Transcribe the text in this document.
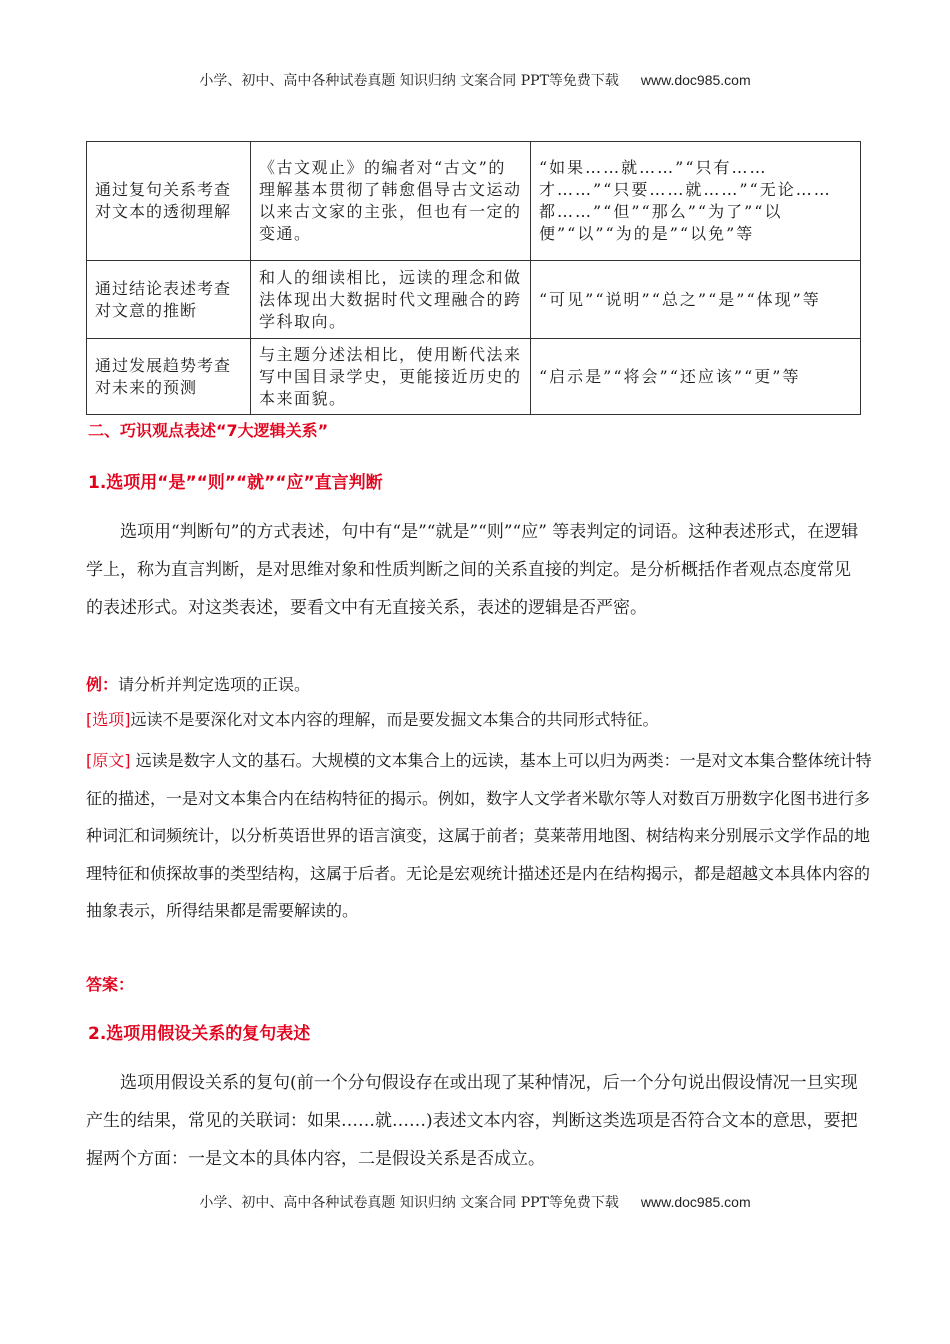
小学、初中、高中各种试卷真题 知识归纳 文案合同 PPT等免费下载 www.doc985.com
通过复句关系考查对文本的透彻理解	《古文观止》的编者对“古文”的理解基本贯彻了韩愈倡导古文运动以来古文家的主张，但也有一定的变通。	“如果……就……”“只有……才……”“只要……就……”“无论……都……”“但”“那么”“为了”“以便”“以”“为的是”“以免”等
通过结论表述考查对文意的推断	和人的细读相比，远读的理念和做法体现出大数据时代文理融合的跨学科取向。	“可见”“说明”“总之”“是”“体现”等
通过发展趋势考查对未来的预测	与主题分述法相比，使用断代法来写中国目录学史，更能接近历史的本来面貌。	“启示是”“将会”“还应该”“更”等
二、巧识观点表述“7大逻辑关系”
1.选项用“是”“则”“就”“应”直言判断

选项用“判断句”的方式表述，句中有“是”“就是”“则”“应” 等表判定的词语。这种表述形式，在逻辑学上，称为直言判断，是对思维对象和性质判断之间的关系直接的判定。是分析概括作者观点态度常见的表述形式。对这类表述，要看文中有无直接关系，表述的逻辑是否严密。

例：请分析并判定选项的正误。

[选项]远读不是要深化对文本内容的理解，而是要发掘文本集合的共同形式特征。

[原文] 远读是数字人文的基石。大规模的文本集合上的远读，基本上可以归为两类：一是对文本集合整体统计特征的描述，一是对文本集合内在结构特征的揭示。例如，数字人文学者米歇尔等人对数百万册数字化图书进行多种词汇和词频统计，以分析英语世界的语言演变，这属于前者；莫莱蒂用地图、树结构来分别展示文学作品的地理特征和侦探故事的类型结构，这属于后者。无论是宏观统计描述还是内在结构揭示，都是超越文本具体内容的抽象表示，所得结果都是需要解读的。

答案：

2.选项用假设关系的复句表述

选项用假设关系的复句(前一个分句假设存在或出现了某种情况，后一个分句说出假设情况一旦实现产生的结果，常见的关联词：如果……就……)表述文本内容，判断这类选项是否符合文本的意思，要把握两个方面：一是文本的具体内容，二是假设关系是否成立。

小学、初中、高中各种试卷真题 知识归纳 文案合同 PPT等免费下载 www.doc985.com
